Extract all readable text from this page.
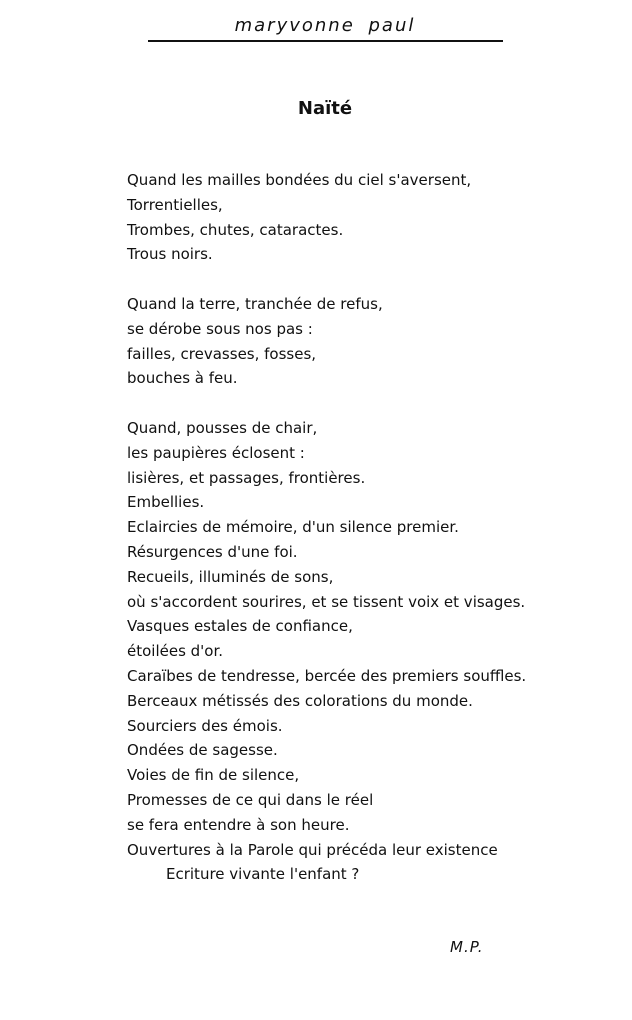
maryvonne paul
Naïté
Quand les mailles bondées du ciel s'aversent,
Torrentielles,
Trombes, chutes, cataractes.
Trous noirs.
Quand la terre, tranchée de refus,
se dérobe sous nos pas :
failles, crevasses, fosses,
bouches à feu.
Quand, pousses de chair,
les paupières éclosent :
lisières, et passages, frontières.
Embellies.
Eclaircies de mémoire, d'un silence premier.
Résurgences d'une foi.
Recueils, illuminés de sons,
où s'accordent sourires, et se tissent voix et visages.
Vasques estales de confiance,
étoilées d'or.
Caraïbes de tendresse, bercée des premiers souffles.
Berceaux métissés des colorations du monde.
Sourciers des émois.
Ondées de sagesse.
Voies de fin de silence,
Promesses de ce qui dans le réel
se fera entendre à son heure.
Ouvertures à la Parole qui précéda leur existence
Ecriture vivante l'enfant ?
M.P.
